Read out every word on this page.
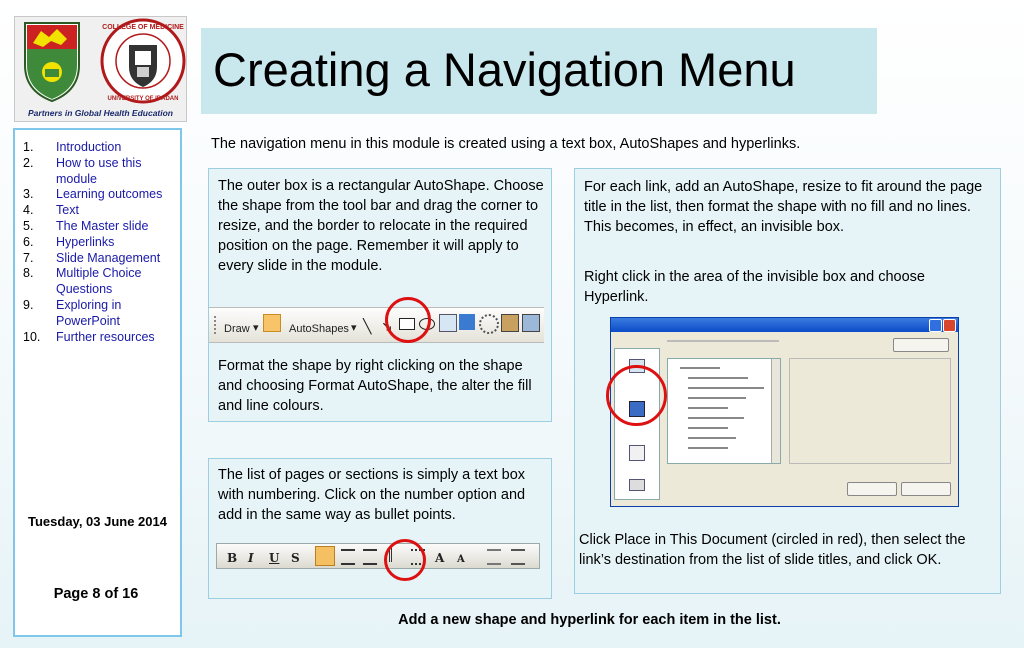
COLLEGE OF MEDICINE
UNIVERSITY OF IBADAN
Partners in Global Health Education
Creating a Navigation Menu
1.	Introduction
2.	How to use this module
3.	Learning outcomes
4.	Text
5.	The Master slide
6.	Hyperlinks
7.	Slide Management
8.	Multiple Choice Questions
9.	Exploring in PowerPoint
10.	Further resources
Tuesday, 03 June 2014
Page 8 of 16
The navigation menu in this module is created using a text box, AutoShapes and hyperlinks.

The outer box is a rectangular AutoShape. Choose the shape from the tool bar and drag the corner to resize, and the border to relocate in the required position on the page. Remember it will apply to every slide in the module.

Draw ▾	AutoShapes ▾ ╲ ↘

Format the shape by right clicking on the shape and choosing Format AutoShape, the alter the fill and line colours.

The list of pages or sections is simply a text box with numbering. Click on the number option and add in the same way as bullet points.

B I U S	A A

For each link, add an AutoShape, resize to fit around the page title in the list, then format the shape with no fill and no lines. This becomes, in effect, an invisible box.

Right click in the area of the invisible box and choose Hyperlink.

Click Place in This Document (circled in red), then select the link’s destination from the list of slide titles, and click OK.

Add a new shape and hyperlink for each item in the list.
